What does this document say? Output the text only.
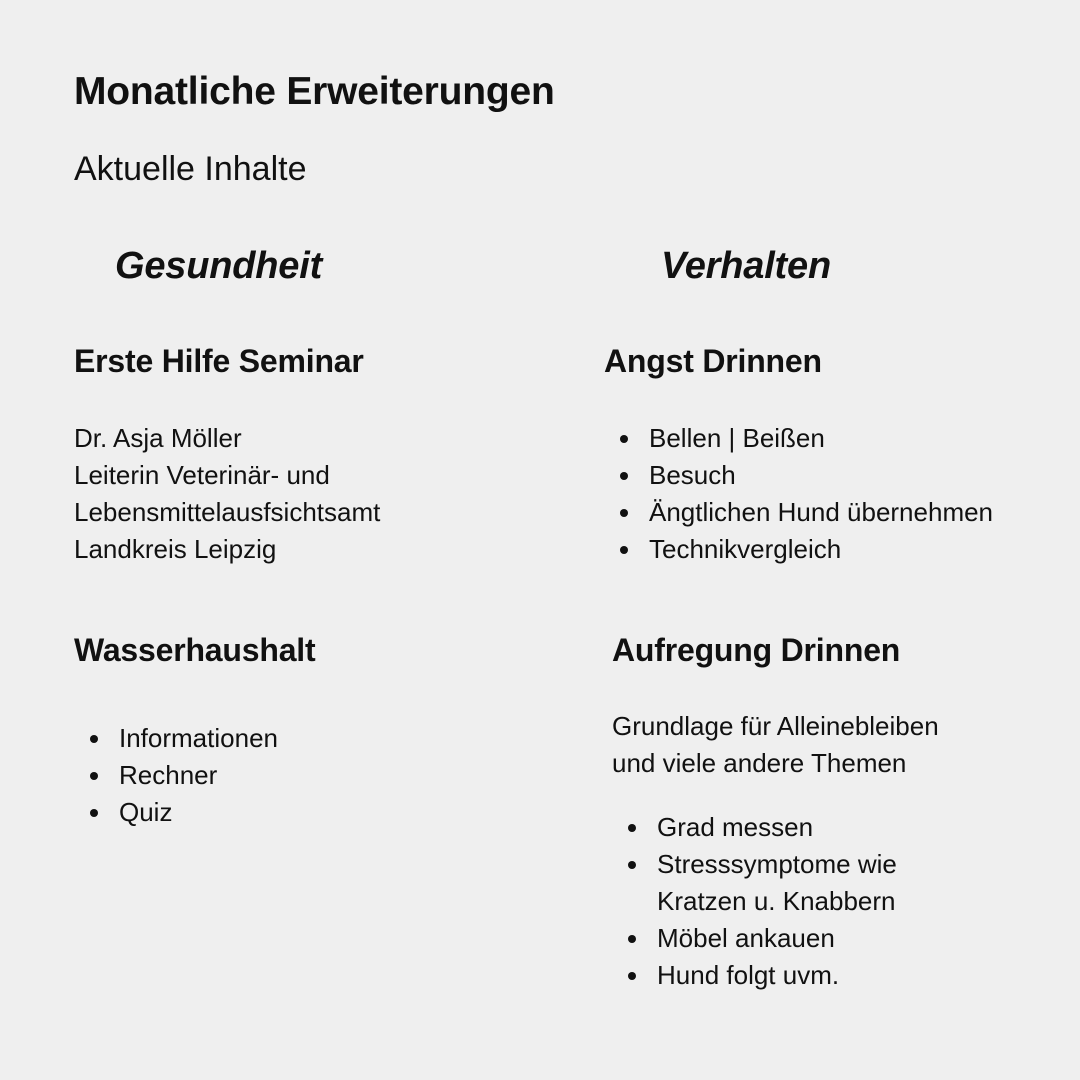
Monatliche Erweiterungen
Aktuelle Inhalte
Gesundheit	Verhalten
Erste Hilfe Seminar
Dr. Asja Möller
Leiterin Veterinär- und
Lebensmittelausfsichtsamt
Landkreis Leipzig
Wasserhaushalt
Informationen
Rechner
Quiz
Angst Drinnen
Bellen | Beißen
Besuch
Ängtlichen Hund übernehmen
Technikvergleich
Aufregung Drinnen
Grundlage für Alleinebleiben
und viele andere Themen
Grad messen
Stresssymptome wie
Kratzen u. Knabbern
Möbel ankauen
Hund folgt uvm.
